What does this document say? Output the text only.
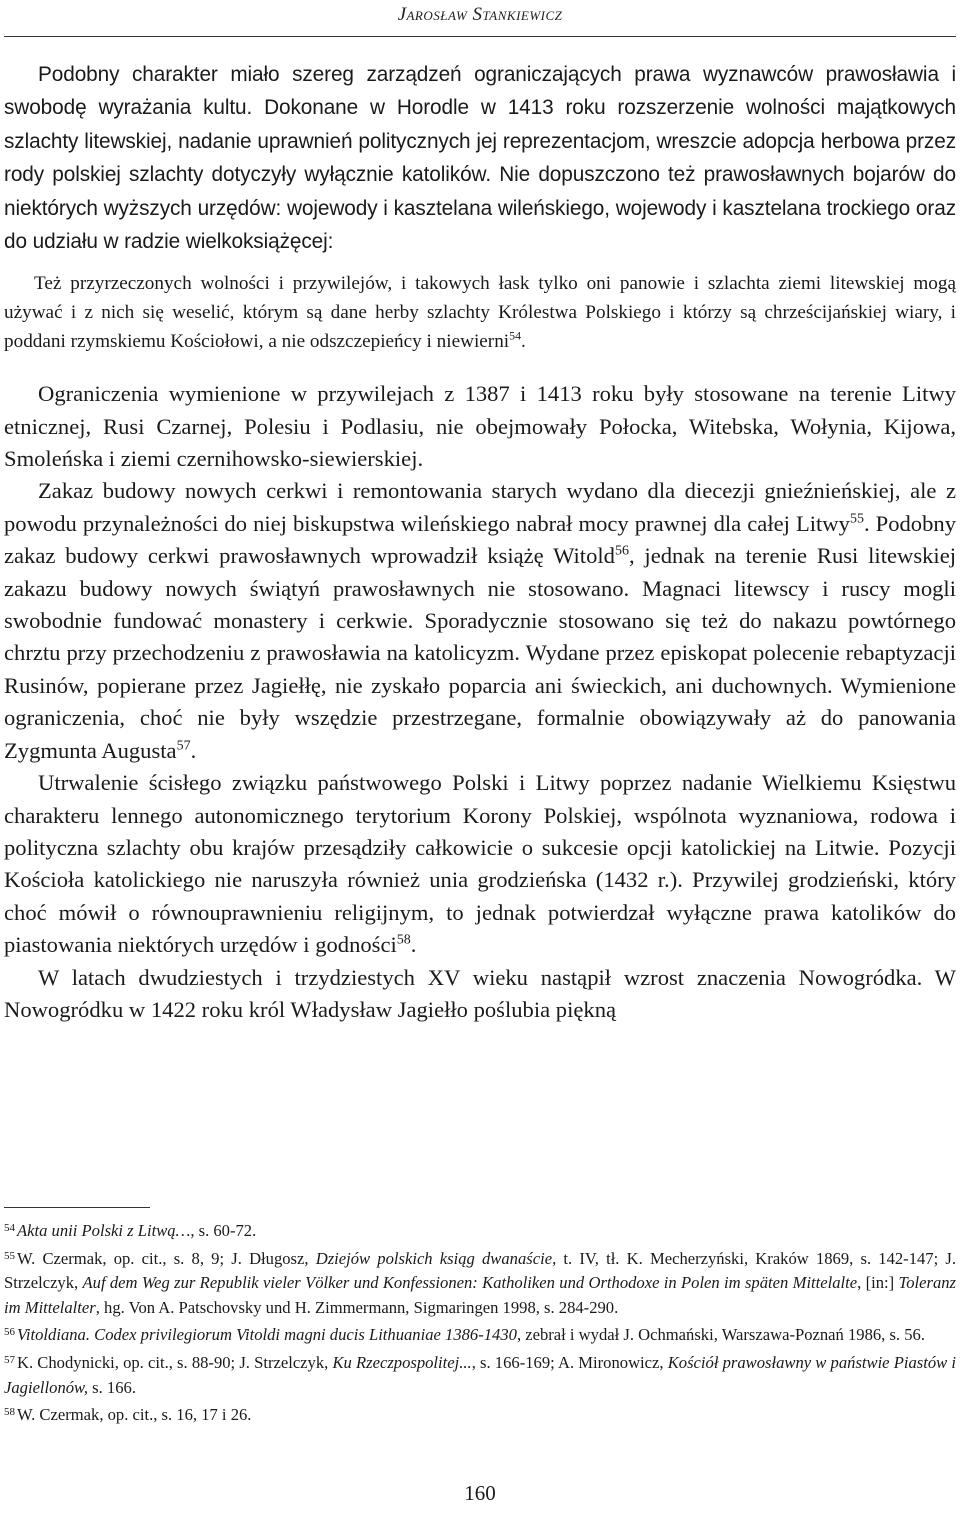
Jarosław Stankiewicz

Podobny charakter miało szereg zarządzeń ograniczających prawa wyznawców prawosławia i swobodę wyrażania kultu. Dokonane w Horodle w 1413 roku rozszerzenie wolności majątkowych szlachty litewskiej, nadanie uprawnień politycznych jej reprezentacjom, wreszcie adopcja herbowa przez rody polskiej szlachty dotyczyły wyłącznie katolików. Nie dopuszczono też prawosławnych bojarów do niektórych wyższych urzędów: wojewody i kasztelana wileńskiego, wojewody i kasztelana trockiego oraz do udziału w radzie wielkoksiążęcej:

Też przyrzeczonych wolności i przywilejów, i takowych łask tylko oni panowie i szlachta ziemi litewskiej mogą używać i z nich się weselić, którym są dane herby szlachty Królestwa Polskiego i którzy są chrześcijańskiej wiary, i poddani rzymskiemu Kościołowi, a nie odszczepieńcy i niewierni$^{54}$.

Ograniczenia wymienione w przywilejach z 1387 i 1413 roku były stosowane na terenie Litwy etnicznej, Rusi Czarnej, Polesiu i Podlasiu, nie obejmowały Połocka, Witebska, Wołynia, Kijowa, Smoleńska i ziemi czernihowsko-siewierskiej.

Zakaz budowy nowych cerkwi i remontowania starych wydano dla diecezji gnieźnieńskiej, ale z powodu przynależności do niej biskupstwa wileńskiego nabrał mocy prawnej dla całej Litwy$^{55}$. Podobny zakaz budowy cerkwi prawosławnych wprowadził książę Witold$^{56}$, jednak na terenie Rusi litewskiej zakazu budowy nowych świątyń prawosławnych nie stosowano. Magnaci litewscy i ruscy mogli swobodnie fundować monastery i cerkwie. Sporadycznie stosowano się też do nakazu powtórnego chrztu przy przechodzeniu z prawosławia na katolicyzm. Wydane przez episkopat polecenie rebaptyzacji Rusinów, popierane przez Jagiełłę, nie zyskało poparcia ani świeckich, ani duchownych. Wymienione ograniczenia, choć nie były wszędzie przestrzegane, formalnie obowiązywały aż do panowania Zygmunta Augusta$^{57}$.

Utrwalenie ścisłego związku państwowego Polski i Litwy poprzez nadanie Wielkiemu Księstwu charakteru lennego autonomicznego terytorium Korony Polskiej, wspólnota wyznaniowa, rodowa i polityczna szlachty obu krajów przesądziły całkowicie o sukcesie opcji katolickiej na Litwie. Pozycji Kościoła katolickiego nie naruszyła również unia grodzieńska (1432 r.). Przywilej grodzieński, który choć mówił o równouprawnieniu religijnym, to jednak potwierdzał wyłączne prawa katolików do piastowania niektórych urzędów i godności$^{58}$.

W latach dwudziestych i trzydziestych XV wieku nastąpił wzrost znaczenia Nowogródka. W Nowogródku w 1422 roku król Władysław Jagiełło poślubia piękną

$^{54}$ Akta unii Polski z Litwą…, s. 60-72.

$^{55}$ W. Czermak, op. cit., s. 8, 9; J. Długosz, Dziejów polskich ksiąg dwanaście, t. IV, tł. K. Mecherzyński, Kraków 1869, s. 142-147; J. Strzelczyk, Auf dem Weg zur Republik vieler Völker und Konfessionen: Katholiken und Orthodoxe in Polen im späten Mittelalte, [in:] Toleranz im Mittelalter, hg. Von A. Patschovsky und H. Zimmermann, Sigmaringen 1998, s. 284-290.

$^{56}$ Vitoldiana. Codex privilegiorum Vitoldi magni ducis Lithuaniae 1386-1430, zebrał i wydał J. Ochmański, Warszawa-Poznań 1986, s. 56.

$^{57}$ K. Chodynicki, op. cit., s. 88-90; J. Strzelczyk, Ku Rzeczpospolitej..., s. 166-169; A. Mironowicz, Kościół prawosławny w państwie Piastów i Jagiellonów, s. 166.

$^{58}$ W. Czermak, op. cit., s. 16, 17 i 26.

160
